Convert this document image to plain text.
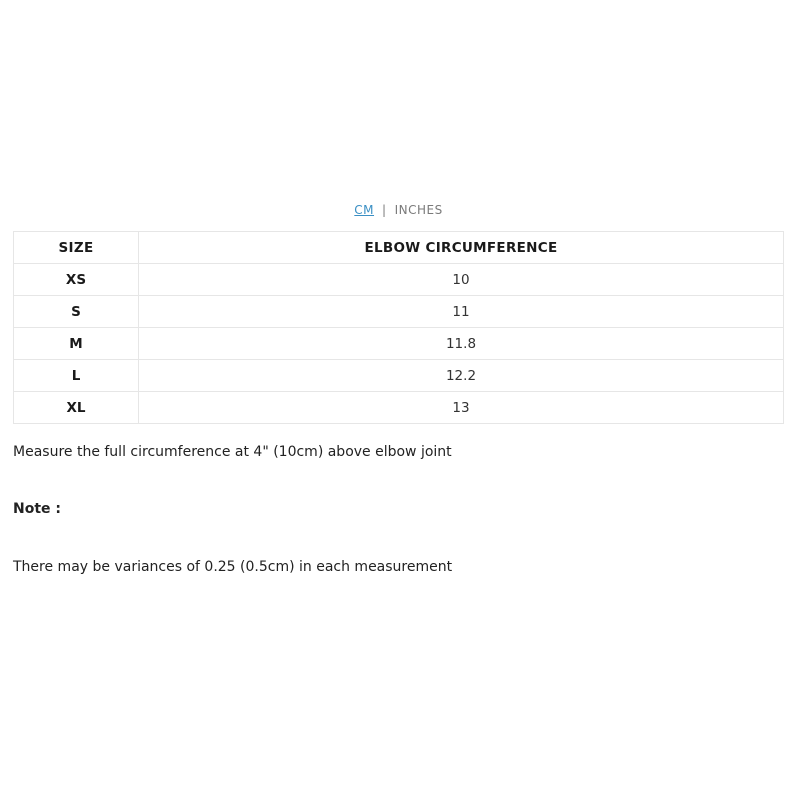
CM | INCHES
SIZE	ELBOW CIRCUMFERENCE
XS	10
S	11
M	11.8
L	12.2
XL	13
Measure the full circumference at 4" (10cm) above elbow joint
Note :
There may be variances of 0.25 (0.5cm) in each measurement
